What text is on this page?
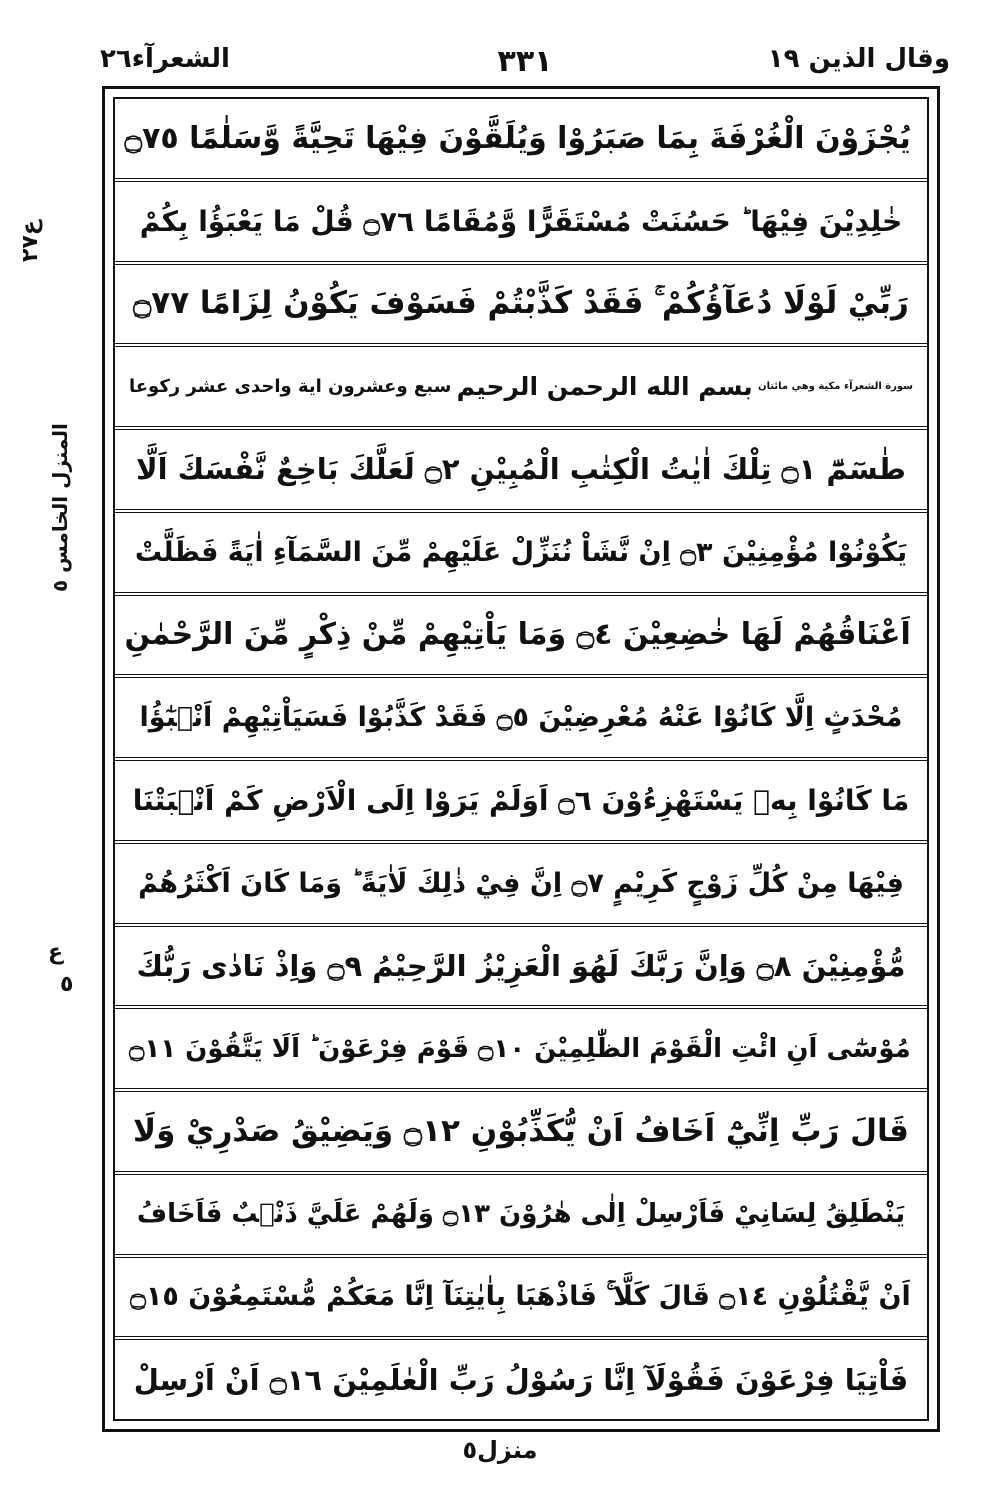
الشعرآء٢٦	٣٣١	وقال الذين ١٩
ع٢٧
المنزل الخامس ٥
ع
٥
يُجْزَوْنَ الْغُرْفَةَ بِمَا صَبَرُوْا وَيُلَقَّوْنَ فِيْهَا تَحِيَّةً وَّسَلٰمًا ۝٧٥
خٰلِدِيْنَ فِيْهَا ؕ حَسُنَتْ مُسْتَقَرًّا وَّمُقَامًا ۝٧٦ قُلْ مَا يَعْبَؤُا بِكُمْ
رَبِّيْ لَوْلَا دُعَآؤُكُمْ ۚ فَقَدْ كَذَّبْتُمْ فَسَوْفَ يَكُوْنُ لِزَامًا ۝٧٧
سورة الشعرآء مكية وهي مائتان
بسم الله الرحمن الرحيم
سبع وعشرون اية واحدى عشر ركوعا
طٰسٓمّٓ ۝١ تِلْكَ اٰيٰتُ الْكِتٰبِ الْمُبِيْنِ ۝٢ لَعَلَّكَ بَاخِعٌ نَّفْسَكَ اَلَّا
يَكُوْنُوْا مُؤْمِنِيْنَ ۝٣ اِنْ نَّشَاْ نُنَزِّلْ عَلَيْهِمْ مِّنَ السَّمَآءِ اٰيَةً فَظَلَّتْ
اَعْنَاقُهُمْ لَهَا خٰضِعِيْنَ ۝٤ وَمَا يَاْتِيْهِمْ مِّنْ ذِكْرٍ مِّنَ الرَّحْمٰنِ
مُحْدَثٍ اِلَّا كَانُوْا عَنْهُ مُعْرِضِيْنَ ۝٥ فَقَدْ كَذَّبُوْا فَسَيَاْتِيْهِمْ اَنْۢبٰٓؤُا
مَا كَانُوْا بِهٖ يَسْتَهْزِءُوْنَ ۝٦ اَوَلَمْ يَرَوْا اِلَى الْاَرْضِ كَمْ اَنْۢبَتْنَا
فِيْهَا مِنْ كُلِّ زَوْجٍ كَرِيْمٍ ۝٧ اِنَّ فِيْ ذٰلِكَ لَاٰيَةً ؕ وَمَا كَانَ اَكْثَرُهُمْ
مُّؤْمِنِيْنَ ۝٨ وَاِنَّ رَبَّكَ لَهُوَ الْعَزِيْزُ الرَّحِيْمُ ۝٩ وَاِذْ نَادٰى رَبُّكَ
مُوْسٰٓى اَنِ ائْتِ الْقَوْمَ الظّٰلِمِيْنَ ۝١٠ قَوْمَ فِرْعَوْنَ ؕ اَلَا يَتَّقُوْنَ ۝١١
قَالَ رَبِّ اِنِّيْٓ اَخَافُ اَنْ يُّكَذِّبُوْنِ ۝١٢ وَيَضِيْقُ صَدْرِيْ وَلَا
يَنْطَلِقُ لِسَانِيْ فَاَرْسِلْ اِلٰى هٰرُوْنَ ۝١٣ وَلَهُمْ عَلَيَّ ذَنْۢبٌ فَاَخَافُ
اَنْ يَّقْتُلُوْنِ ۝١٤ قَالَ كَلَّا ۚ فَاذْهَبَا بِاٰيٰتِنَآ اِنَّا مَعَكُمْ مُّسْتَمِعُوْنَ ۝١٥
فَاْتِيَا فِرْعَوْنَ فَقُوْلَآ اِنَّا رَسُوْلُ رَبِّ الْعٰلَمِيْنَ ۝١٦ اَنْ اَرْسِلْ
منزل٥
